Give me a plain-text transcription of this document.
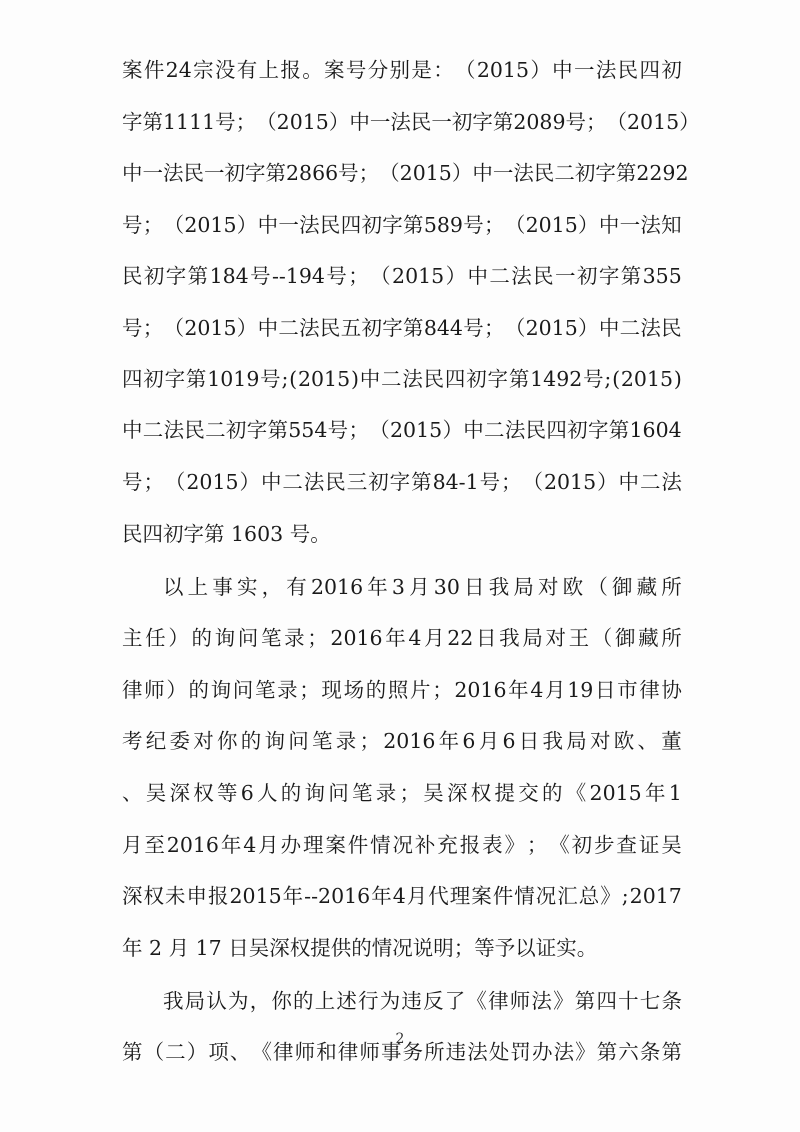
案 件 24 宗 没 有 上 报 。 案 号 分 别 是 ： （ 2015 ） 中 一 法 民 四 初
字 第 1111 号 ； （ 2015 ） 中 一 法 民 一 初 字 第 2089 号 ； （ 2015 ）
中 一 法 民 一 初 字 第 2866 号 ； （ 2015 ） 中 一 法 民 二 初 字 第 2292
号 ； （ 2015 ） 中 一 法 民 四 初 字 第 589 号 ； （ 2015 ） 中 一 法 知
民 初 字 第 184 号 --194 号 ； （ 2015 ） 中 二 法 民 一 初 字 第 355
号 ； （ 2015 ） 中 二 法 民 五 初 字 第 844 号 ； （ 2015 ） 中 二 法 民
四 初 字 第 1019 号 ; ( 2015 ) 中 二 法 民 四 初 字 第 1492 号 ; ( 2015 )
中 二 法 民 二 初 字 第 554 号 ； （ 2015 ） 中 二 法 民 四 初 字 第 1604
号 ； （ 2015 ） 中 二 法 民 三 初 字 第 84-1 号 ； （ 2015 ） 中 二 法
民四初字第 1603 号。
以 上 事 实 ， 有 2016 年 3 月 30 日 我 局 对 欧 （ 御 藏 所
主 任 ） 的 询 问 笔 录 ； 2016 年 4 月 22 日 我 局 对 王 （ 御 藏 所
律 师 ） 的 询 问 笔 录 ； 现 场 的 照 片 ； 2016 年 4 月 19 日 市 律 协
考 纪 委 对 你 的 询 问 笔 录 ； 2016 年 6 月 6 日 我 局 对 欧 、 董
、 吴 深 权 等 6 人 的 询 问 笔 录 ； 吴 深 权 提 交 的 《 2015 年 1
月 至 2016 年 4 月 办 理 案 件 情 况 补 充 报 表 》 ； 《 初 步 查 证 吴
深 权 未 申 报 2015 年 --2016 年 4 月 代 理 案 件 情 况 汇 总 》 ; 2017
年 2 月 17 日吴深权提供的情况说明；等予以证实。
我 局 认 为 ， 你 的 上 述 行 为 违 反 了 《 律 师 法 》 第 四 十 七 条
第 （ 二 ） 项 、 《 律 师 和 律 师 事 务 所 违 法 处 罚 办 法 》 第 六 条 第
2
